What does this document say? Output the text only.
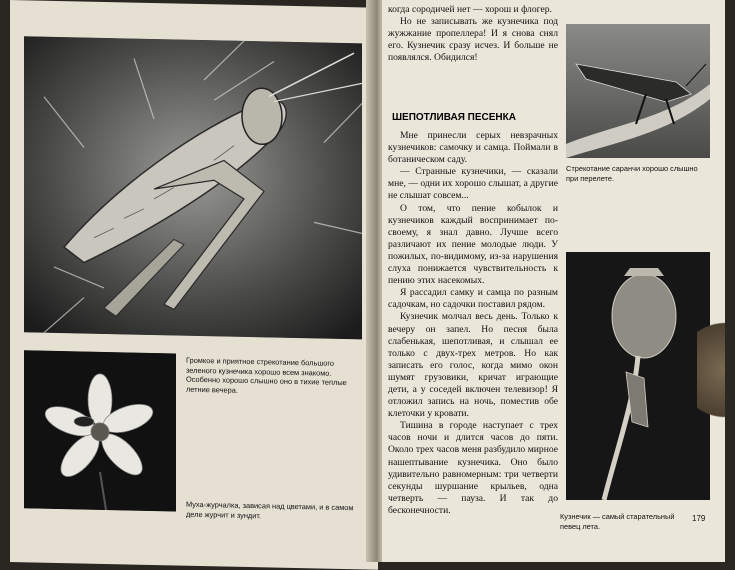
Громкое и приятное стрекотание большого зеленого кузнечика хорошо всем знакомо. Особенно хорошо слышно оно в тихие теплые летние вечера.
Муха-журчалка, зависая над цветами, и в самом деле журчит и зундит.

когда сородичей нет — хорош и флогер.

Но не записывать же кузнечика под жужжание пропеллера! И я снова снял его. Кузнечик сразу исчез. И больше не появлялся. Обидился!

ШЕПОТЛИВАЯ ПЕСЕНКА

Мне принесли серых невзрачных кузнечиков: самочку и самца. Поймали в ботаническом саду.

— Странные кузнечики, — сказали мне, — одни их хорошо слышат, а другие не слышат совсем...

О том, что пение кобылок и кузнечиков каждый воспринимает по-своему, я знал давно. Лучше всего различают их пение молодые люди. У пожилых, по-видимому, из-за нарушения слуха понижается чувствительность к пению этих насекомых.

Я рассадил самку и самца по разным садочкам, но садочки поставил рядом.

Кузнечик молчал весь день. Только к вечеру он запел. Но песня была слабенькая, шепотливая, и слышал ее только с двух-трех метров. Но как записать его голос, когда мимо окон шумят грузовики, кричат играющие дети, а у соседей включен телевизор! Я отложил запись на ночь, поместив обе клеточки у кровати.

Тишина в городе наступает с трех часов ночи и длится часов до пяти. Около трех часов меня разбудило мирное нашептывание кузнечика. Оно было удивительно равномерным: три четверти секунды шуршание крыльев, одна четверть — пауза. И так до бесконечности.

Стрекотание саранчи хорошо слышно при перелете.
Кузнечик — самый старательный певец лета.
179
